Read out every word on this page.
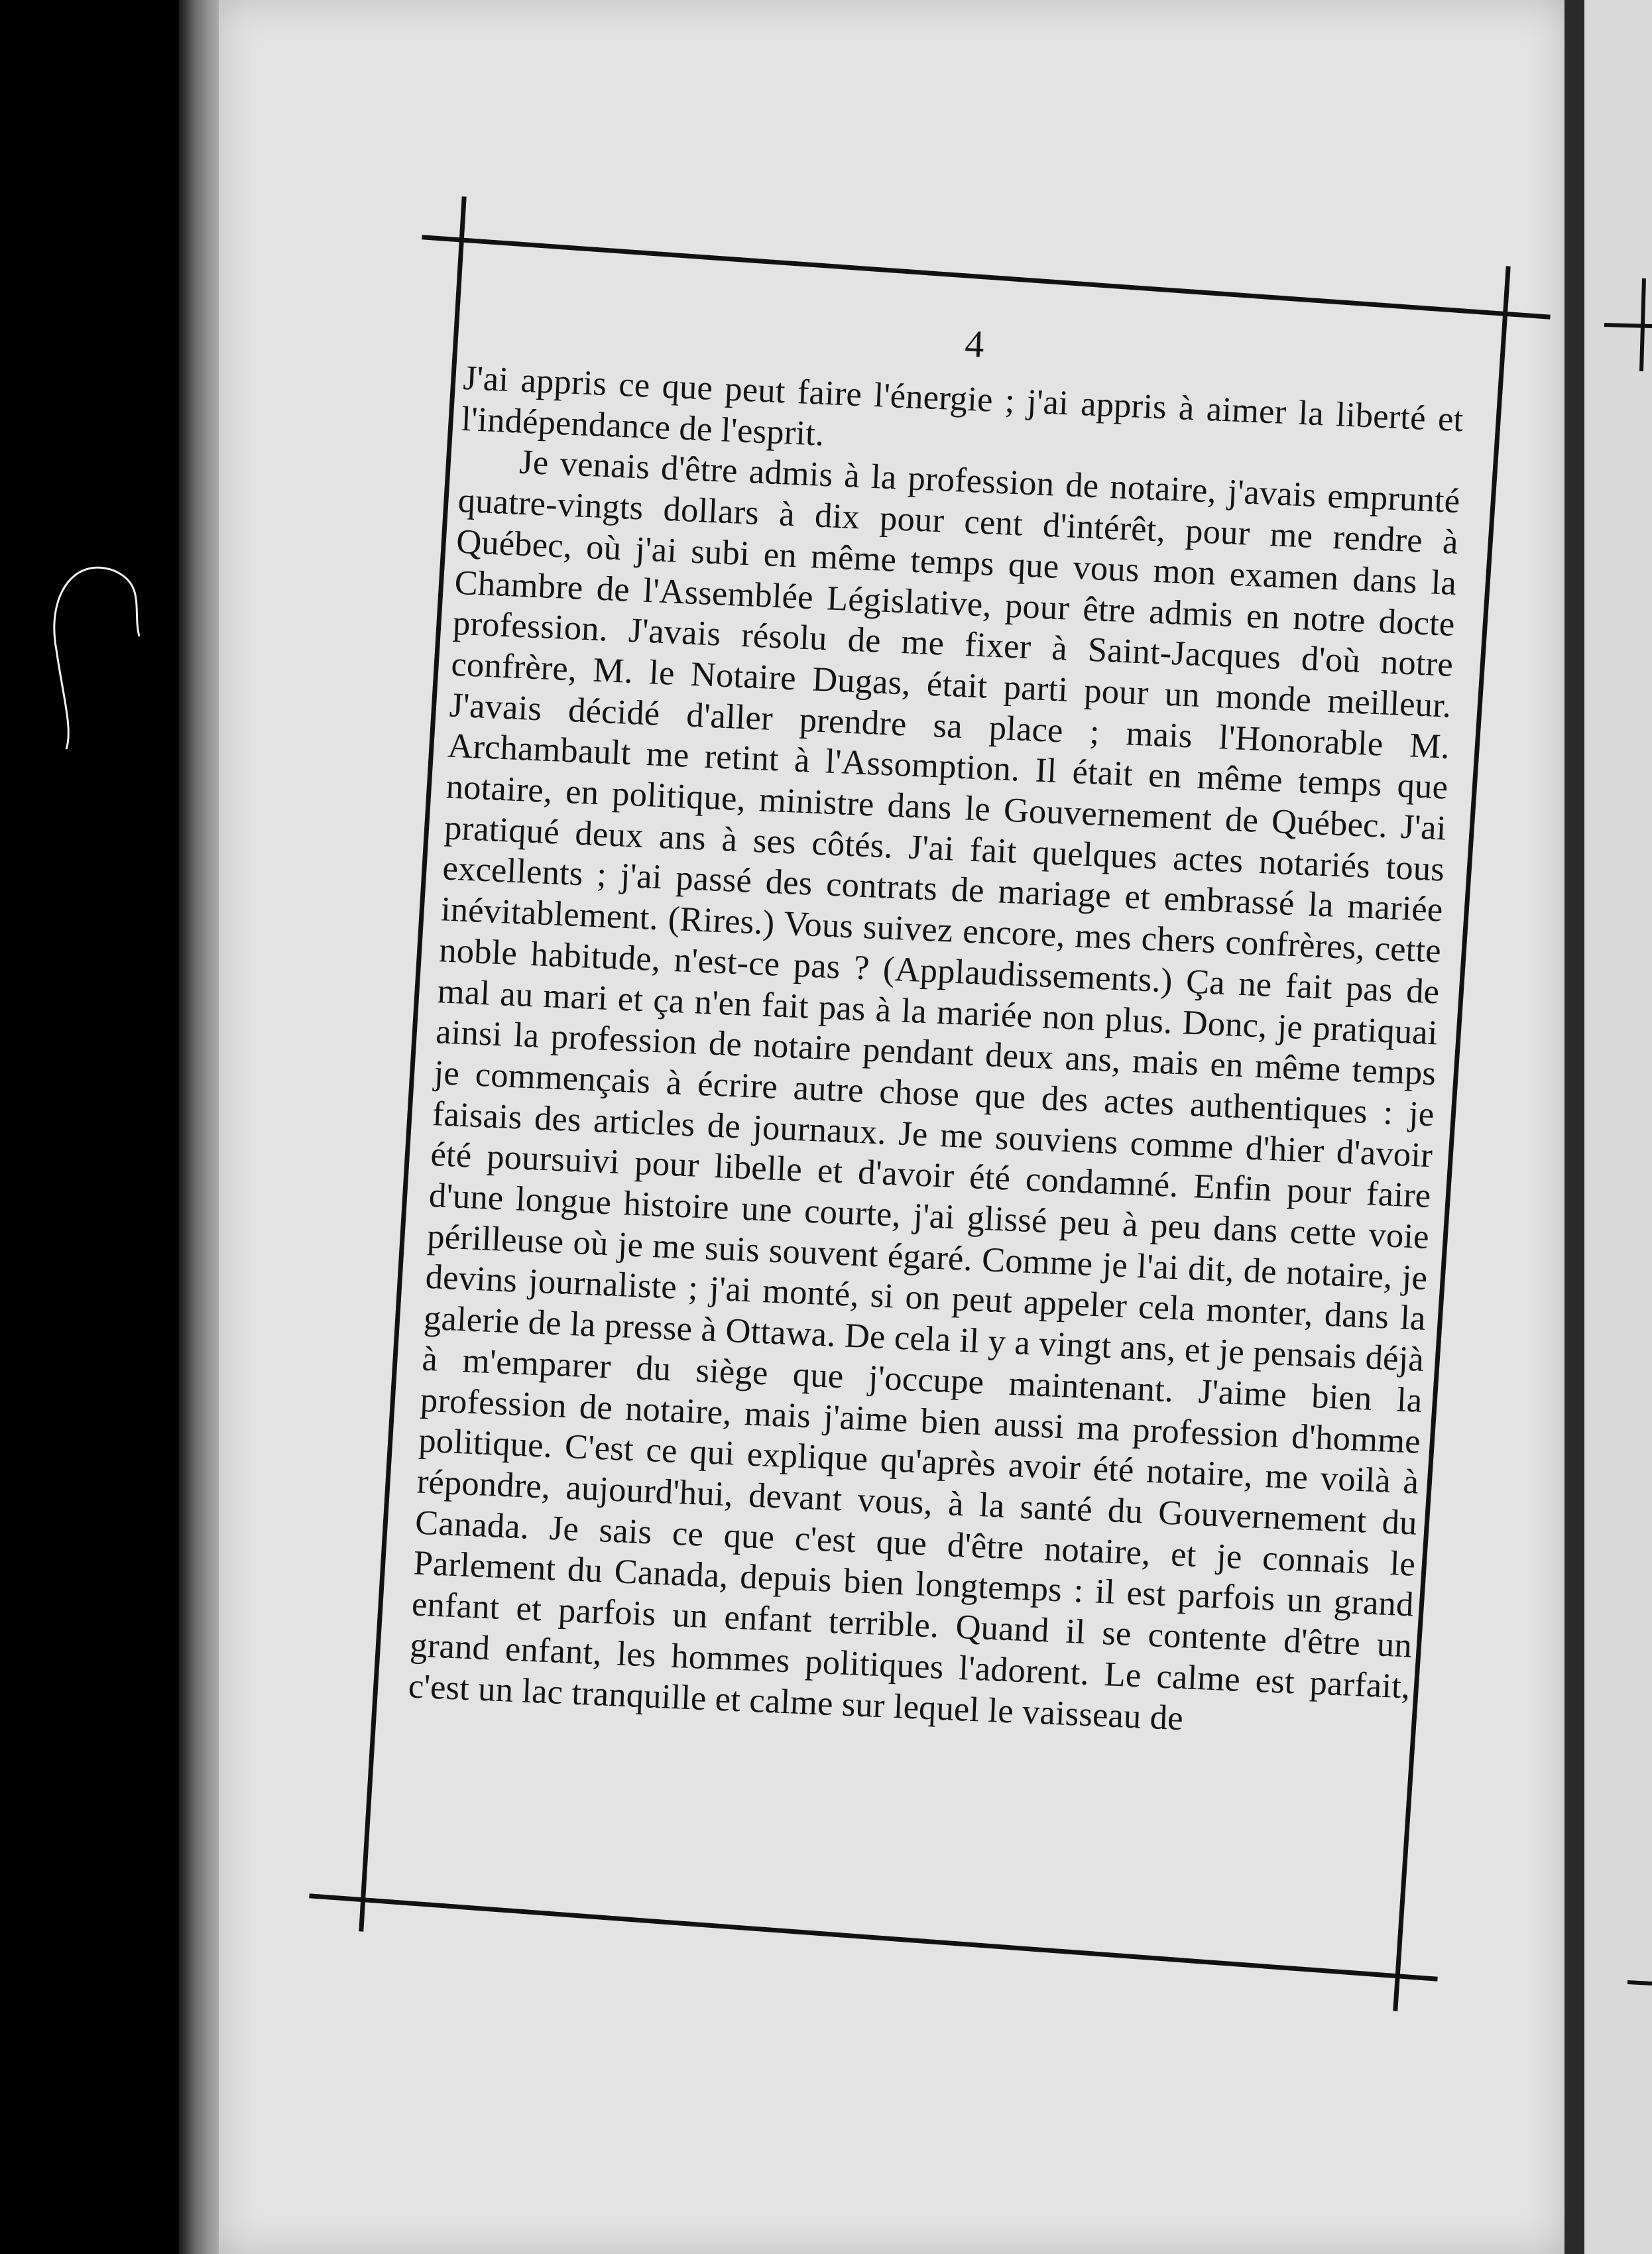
4

J'ai appris ce que peut faire l'énergie ; j'ai appris à aimer la liberté et l'indépendance de l'esprit.

Je venais d'être admis à la profession de notaire, j'avais emprunté quatre-vingts dollars à dix pour cent d'intérêt, pour me rendre à Québec, où j'ai subi en même temps que vous mon examen dans la Chambre de l'Assemblée Législative, pour être admis en notre docte profession. J'avais résolu de me fixer à Saint-Jacques d'où notre confrère, M. le Notaire Dugas, était parti pour un monde meilleur. J'avais décidé d'aller prendre sa place ; mais l'Honorable M. Archambault me retint à l'Assomption. Il était en même temps que notaire, en politique, ministre dans le Gouvernement de Québec. J'ai pratiqué deux ans à ses côtés. J'ai fait quelques actes notariés tous excellents ; j'ai passé des contrats de mariage et embrassé la mariée inévitablement. (Rires.) Vous suivez encore, mes chers confrères, cette noble habitude, n'est-ce pas ? (Applaudissements.) Ça ne fait pas de mal au mari et ça n'en fait pas à la mariée non plus. Donc, je pratiquai ainsi la profession de notaire pendant deux ans, mais en même temps je commençais à écrire autre chose que des actes authentiques : je faisais des articles de journaux. Je me souviens comme d'hier d'avoir été poursuivi pour libelle et d'avoir été condamné. Enfin pour faire d'une longue histoire une courte, j'ai glissé peu à peu dans cette voie périlleuse où je me suis souvent égaré. Comme je l'ai dit, de notaire, je devins journaliste ; j'ai monté, si on peut appeler cela monter, dans la galerie de la presse à Ottawa. De cela il y a vingt ans, et je pensais déjà à m'emparer du siège que j'occupe maintenant. J'aime bien la profession de notaire, mais j'aime bien aussi ma profession d'homme politique. C'est ce qui explique qu'après avoir été notaire, me voilà à répondre, aujourd'hui, devant vous, à la santé du Gouvernement du Canada. Je sais ce que c'est que d'être notaire, et je connais le Parlement du Canada, depuis bien longtemps : il est parfois un grand enfant et parfois un enfant terrible. Quand il se contente d'être un grand enfant, les hommes politiques l'adorent. Le calme est parfait, c'est un lac tranquille et calme sur lequel le vaisseau de
